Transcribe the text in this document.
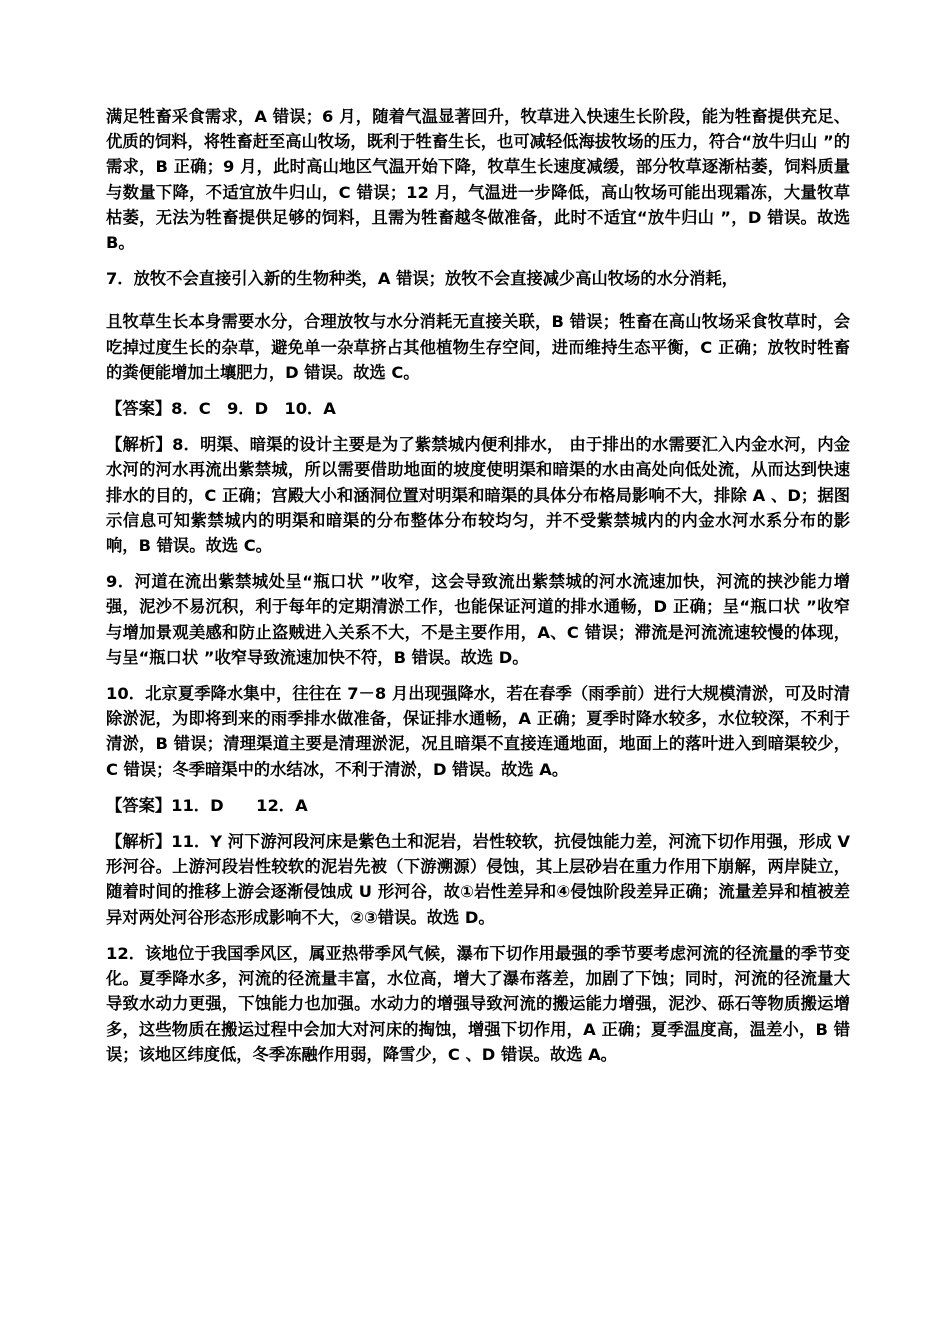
满足牲畜采食需求，A 错误；6 月，随着气温显著回升，牧草进入快速生长阶段，能为牲畜提供充足、优质的饲料，将牲畜赶至高山牧场，既利于牲畜生长，也可减轻低海拔牧场的压力，符合“放牛归山 ”的需求，B 正确；9 月，此时高山地区气温开始下降，牧草生长速度减缓，部分牧草逐渐枯萎，饲料质量与数量下降，不适宜放牛归山，C 错误；12 月，气温进一步降低，高山牧场可能出现霜冻，大量牧草枯萎，无法为牲畜提供足够的饲料，且需为牲畜越冬做准备，此时不适宜“放牛归山 ”，D 错误。故选 B。

7．放牧不会直接引入新的生物种类，A 错误；放牧不会直接减少高山牧场的水分消耗，

且牧草生长本身需要水分，合理放牧与水分消耗无直接关联，B 错误；牲畜在高山牧场采食牧草时，会吃掉过度生长的杂草，避免单一杂草挤占其他植物生存空间，进而维持生态平衡，C 正确；放牧时牲畜的粪便能增加土壤肥力，D 错误。故选 C。

【答案】8．C　9．D　10．A

【解析】8．明渠、暗渠的设计主要是为了紫禁城内便利排水， 由于排出的水需要汇入内金水河，内金水河的河水再流出紫禁城，所以需要借助地面的坡度使明渠和暗渠的水由高处向低处流，从而达到快速排水的目的，C 正确；宫殿大小和涵洞位置对明渠和暗渠的具体分布格局影响不大，排除 A 、D；据图示信息可知紫禁城内的明渠和暗渠的分布整体分布较均匀，并不受紫禁城内的内金水河水系分布的影响，B 错误。故选 C。

9．河道在流出紫禁城处呈“瓶口状 ”收窄，这会导致流出紫禁城的河水流速加快，河流的挟沙能力增强，泥沙不易沉积，利于每年的定期清淤工作，也能保证河道的排水通畅，D 正确；呈“瓶口状 ”收窄与增加景观美感和防止盗贼进入关系不大，不是主要作用，A、C 错误；滞流是河流流速较慢的体现，与呈“瓶口状 ”收窄导致流速加快不符，B 错误。故选 D。

10．北京夏季降水集中，往往在 7－8 月出现强降水，若在春季（雨季前）进行大规模清淤，可及时清除淤泥，为即将到来的雨季排水做准备，保证排水通畅，A 正确；夏季时降水较多，水位较深，不利于清淤，B 错误；清理渠道主要是清理淤泥，况且暗渠不直接连通地面，地面上的落叶进入到暗渠较少，C 错误；冬季暗渠中的水结冰，不利于清淤，D 错误。故选 A。

【答案】11．D　　12．A

【解析】11．Y 河下游河段河床是紫色土和泥岩，岩性较软，抗侵蚀能力差，河流下切作用强，形成 V 形河谷。上游河段岩性较软的泥岩先被（下游溯源）侵蚀，其上层砂岩在重力作用下崩解，两岸陡立，随着时间的推移上游会逐渐侵蚀成 U 形河谷，故①岩性差异和④侵蚀阶段差异正确；流量差异和植被差异对两处河谷形态形成影响不大，②③错误。故选 D。

12．该地位于我国季风区，属亚热带季风气候，瀑布下切作用最强的季节要考虑河流的径流量的季节变化。夏季降水多，河流的径流量丰富，水位高，增大了瀑布落差，加剧了下蚀；同时，河流的径流量大导致水动力更强，下蚀能力也加强。水动力的增强导致河流的搬运能力增强，泥沙、砾石等物质搬运增多，这些物质在搬运过程中会加大对河床的掏蚀，增强下切作用，A 正确；夏季温度高，温差小，B 错误；该地区纬度低，冬季冻融作用弱，降雪少，C 、D 错误。故选 A。
